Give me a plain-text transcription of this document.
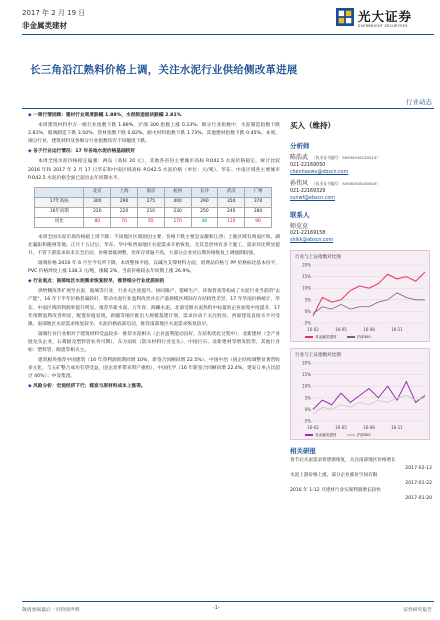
2017 年 2 月 19 日
非金属类建材
光大证券
EVERBRIGHT SECURITIES
长三角沿江熟料价格上调，关注水泥行业供给侧改革进展
行业动态

◆ 一周行情回顾：建材行业周度跌幅 1.88%，水泥制造板块跌幅 2.81%

本周建筑材料申万一级行业指数下跌 1.88%，沪深 300 指数上涨 0.23%；细分行业指数中，水泥制造指数下跌 2.81%，玻璃制造下跌 3.50%，管材指数下跌 0.82%，耐火材料指数下跌 1.73%，其他建材指数下跌 0.45%。本周，细分行业、建筑材料及各细分行业指数均有不同幅度下跌。

◆ 各子行业运行情况：17 年各地水泥价格基础较好

本周全国水泥价格稳定偏强：两岛（高标 20 元），其他各省份主要城市高标 P.O42.5 水泥价格稳定。统计比较 2016 年和 2017 年 2 月 17 日华东和中南区域高标 P.O42.5 水泥价格（单位：元/吨），华东、中南区域各主要城市 P.O42.5 水泥价格全面已超出去年同期水平。

	北京	上海	南京	杭州	长沙	武汉	广州
17年高标	300	290	275	400	290	350	370
16年同期	220	220	210	230	250	240	280
同比	80	70	65	170	40	110	90

本周全国水泥市场价格稳上周下降；不同地区区域原因主要，价格下跌主要是安徽和江西；上涨区域有两南区和，湖北襄阳和随州等地。正月十五过后，华东、华中和西南地区水泥需求开始恢复，尤其是贵州有多个施工，需求环比明显提升。不管下游需求尚未完全启动，价格景涨调整，但库存普遍不高，大部分企业对后期价格恢复上调强期较强。

玻璃价格 2016 年 6 月至今有所下降，本周整体平稳。以碱为支撑材料方面，消费品价格与 PP 价格标比基本持平，PVC 价格周度上涨 138.3 元/吨，涨幅 2%，当前价格较去年同期上涨 26.9%。

◆ 行业观点：南部地区水泥需求恢复较早，推荐细分行业优质标的

供给侧改革扩展至水泥、玻璃等行业，行业关注度提升。协同限产、错峰生产、环保督查等构成了水泥行业当前的"去产能"，16 年下半年价格普遍较好，带动水泥行业盈利改善并在产量规模区域间存在结构性差异，17 年华南价格统计，华东、中南区域的利润率提升明显。推荐华新水泥、万年青、海螺水泥。北部受限水泥熟料中标量的企业加集中度提升，17 年预期盈利改善明显，配置价值显现。新疆等地区推出大规模基建计划，需求拉动下关注股份，西部建设直接水平可受限。南部地区水泥需求恢复较早，水泥价格底部启动，推荐南部地区水泥需求恢复较早。

玻璃行业行业相对于建筑材料受益较多：推荐水泥相关（企业盈利能动良好，在结构优化过程中）、北新建材（全产业链龙头企业，石膏板及塑料管业务可期），东方雨虹（防水材料行业龙头）、中国巨石、北新建材等增发股票，其他行业如：塑料管、陶瓷等相关主。

建筑板块推荐中国建筑（16 年净利润预期同增 10%，新签合同额同增 22.5%）、中国中冶（国企结构调整显著营收多元化，与五矿整合成功有望受益，国企改革带来资产重组），中国化学（16 年新签合同额同增 22.4%，建安订单占比超过 40%）；中设集团。

◆ 风险分析：宏观经济下行；煤炭与原材料成本上涨等。

买入（维持）
分析师
陈浩武 （执业证书编号：S0930516120013）
021-22169050
chenhaowu@ebscn.com
孙伟风 （执业证书编号：S0930516100003）
021-22169329
sunwf@ebscn.com
联系人
师克克
021-22169158
shikk@ebscn.com
行业与上证指数对比图
20%
15%
10%
5%
0%
-5%
16-02	16-05	16-08	16-11
非金属类建材	沪深300
行业与上证指数对比图
20%
15%
10%
5%
0%
-5%
16-02	16-05	16-08	16-11
非金属类建材	沪深300
相关研报
春节后水泥需求将逐渐恢复，关注南部地区价格增长
2017-02-12
水泥上游价格上涨，部分企业涨价空间有限
2017-01-22
2016 年 1-12 月建材行业实现利润增长较快
2017-01-20
敬请参阅最后一页特别声明	-1-	证券研究报告
